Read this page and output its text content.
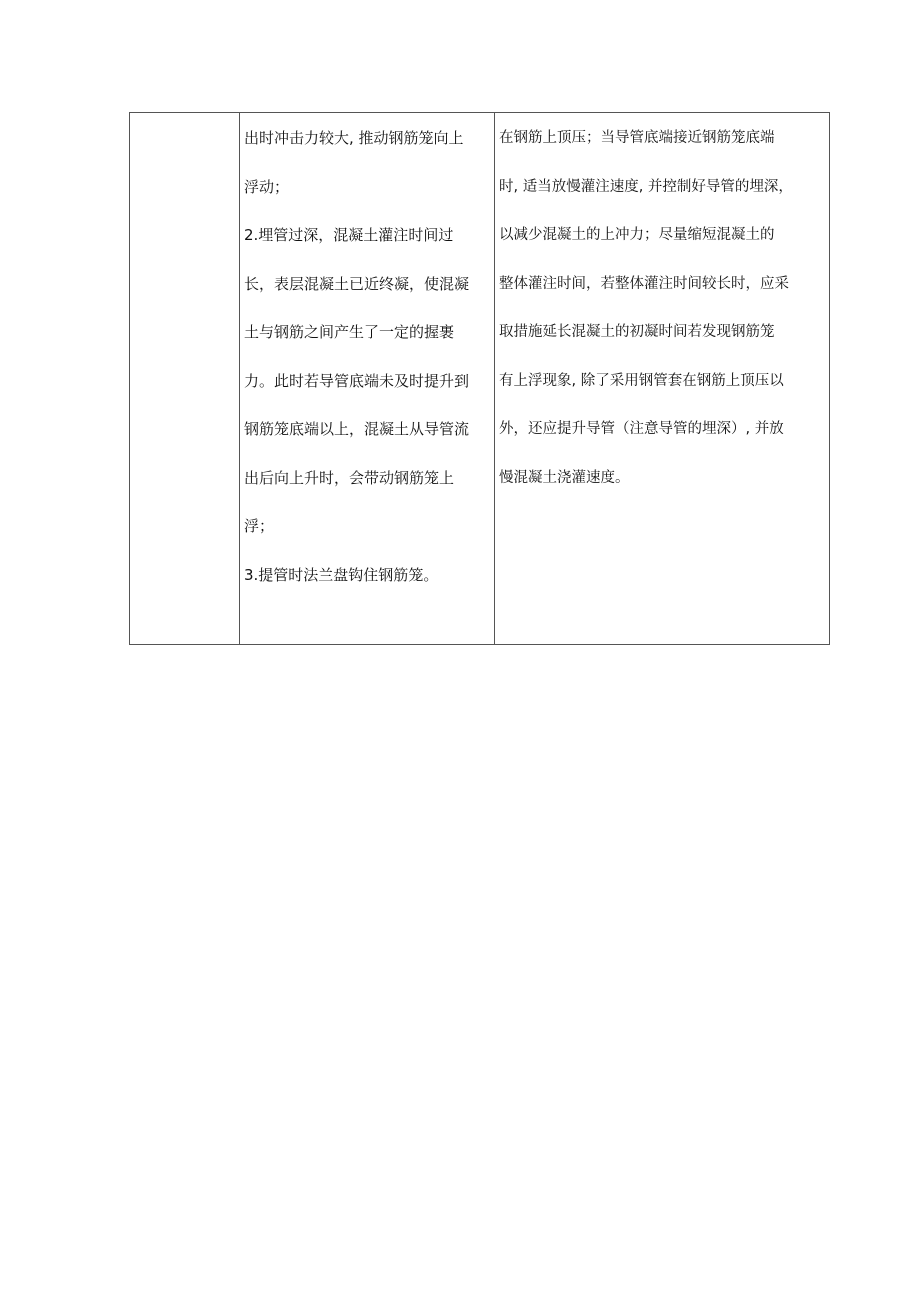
出时冲击力较大, 推动钢筋笼向上
浮动；
2.埋管过深，混凝土灌注时间过
长，表层混凝土已近终凝，使混凝
土与钢筋之间产生了一定的握裹
力。此时若导管底端未及时提升到
钢筋笼底端以上，混凝土从导管流
出后向上升时，会带动钢筋笼上
浮；
3.提管时法兰盘钩住钢筋笼。
在钢筋上顶压；当导管底端接近钢筋笼底端
时, 适当放慢灌注速度, 并控制好导管的埋深，
以减少混凝土的上冲力；尽量缩短混凝土的
整体灌注时间，若整体灌注时间较长时，应采
取措施延长混凝土的初凝时间若发现钢筋笼
有上浮现象, 除了采用钢管套在钢筋上顶压以
外，还应提升导管（注意导管的埋深）, 并放
慢混凝土浇灌速度。
